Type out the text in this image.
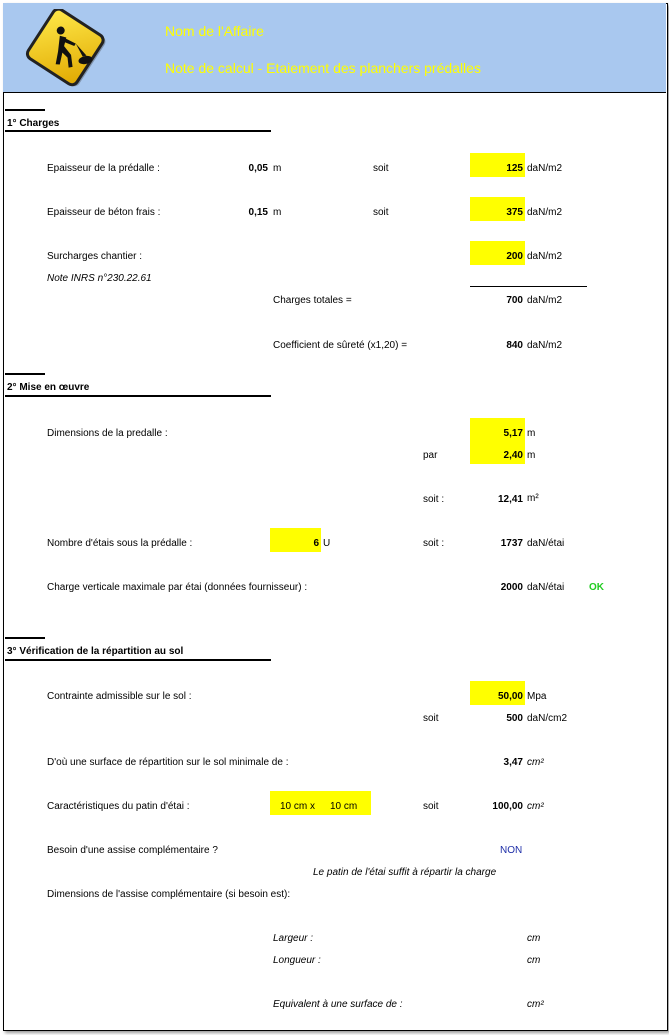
Nom de l'Affaire
Note de calcul - Etaiement des planchers prédalles
1° Charges
Epaisseur de la prédalle :	0,05 m	soit	125 daN/m2
Epaisseur de béton frais :	0,15 m	soit	375 daN/m2
Surcharges chantier :	200 daN/m2
Note INRS n°230.22.61
Charges totales =	700 daN/m2
Coefficient de sûreté (x1,20) =	840 daN/m2
2° Mise en œuvre
Dimensions de la predalle :	5,17 m
par	2,40 m
soit :	12,41 m²
Nombre d'étais sous la prédalle :	6 U	soit :	1737 daN/étai
Charge verticale maximale par étai (données fournisseur) :	2000 daN/étai OK
3° Vérification de la répartition au sol
Contrainte admissible sur le sol :	50,00 Mpa
soit	500 daN/cm2
D'où une surface de répartition sur le sol minimale de :	3,47 cm²
Caractéristiques du patin d'étai :	10 cm x 10 cm	soit	100,00 cm²
Besoin d'une assise complémentaire ?	NON
Le patin de l'étai suffit à répartir la charge
Dimensions de l'assise complémentaire (si besoin est):
Largeur :	cm
Longueur :	cm
Equivalent à une surface de :	cm²
